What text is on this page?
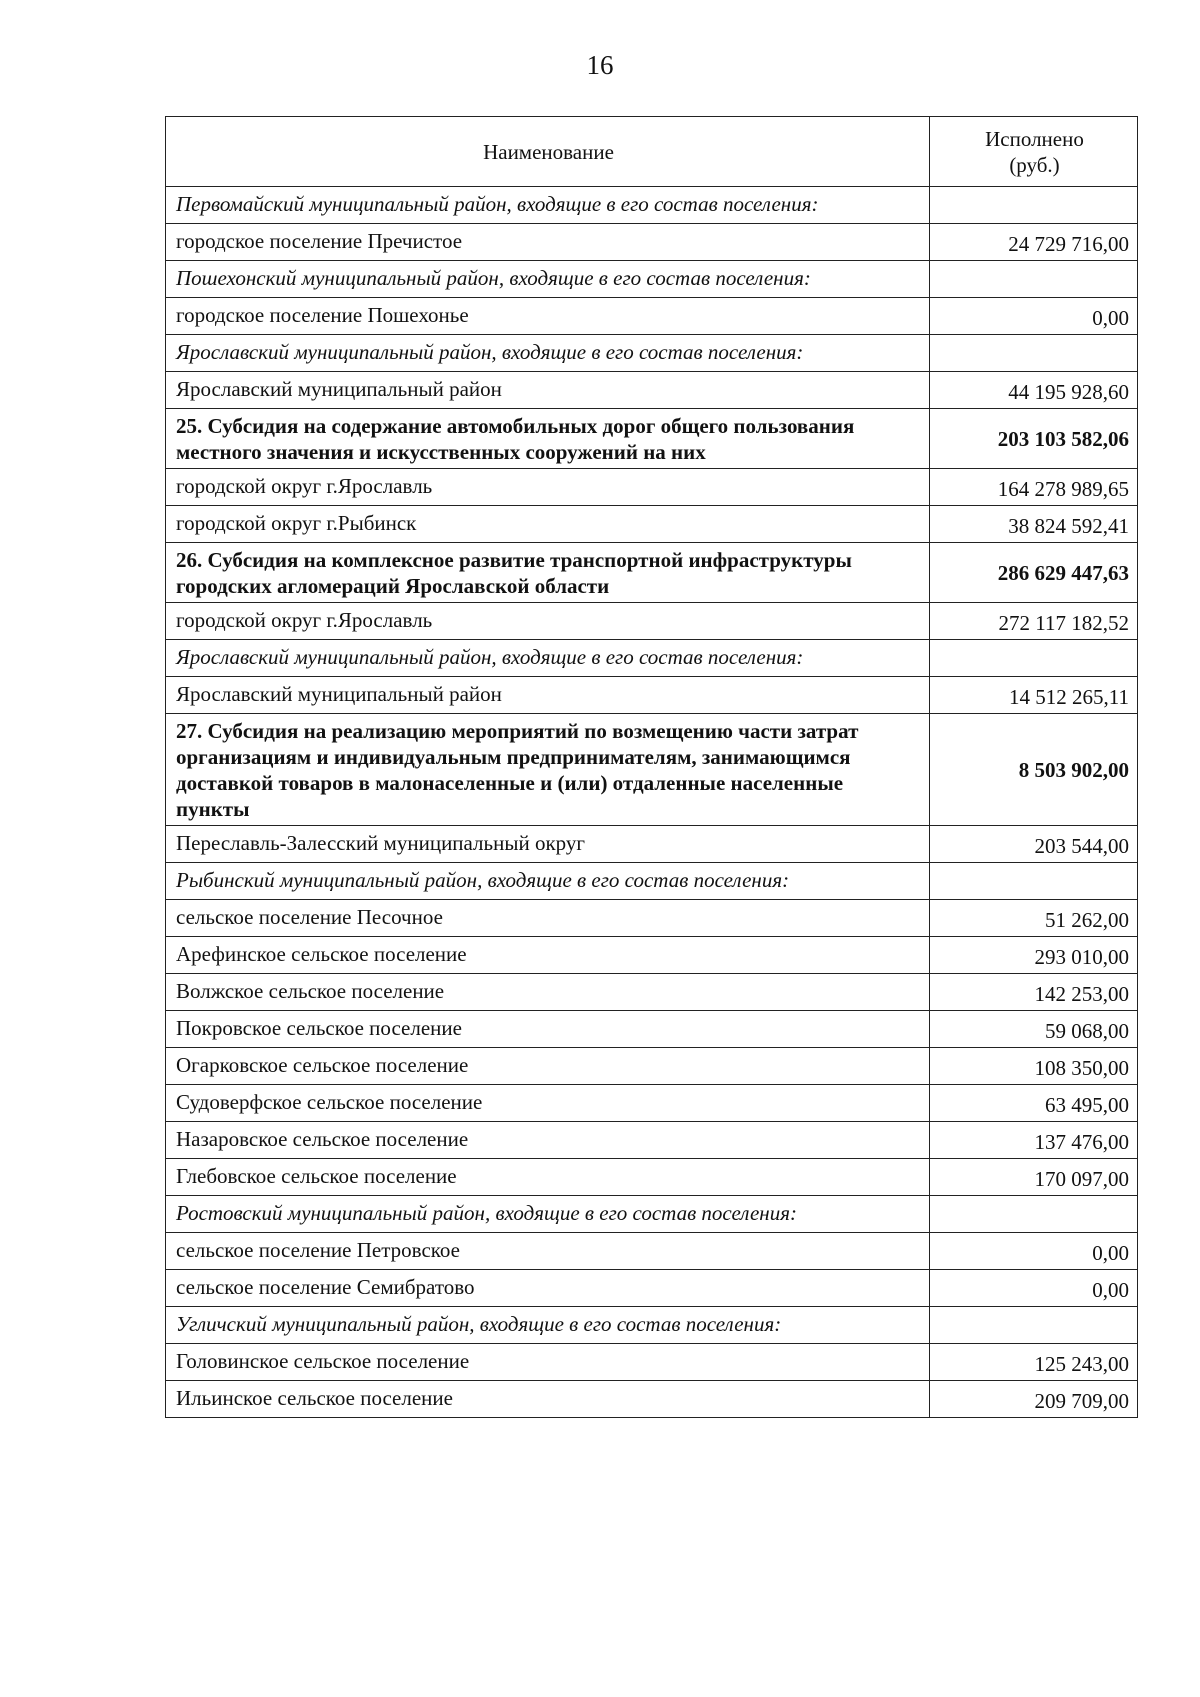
16
Наименование	Исполнено
(руб.)
Первомайский муниципальный район, входящие в его состав поселения:	
городское поселение Пречистое	24 729 716,00
Пошехонский муниципальный район, входящие в его состав поселения:	
городское поселение Пошехонье	0,00
Ярославский муниципальный район, входящие в его состав поселения:	
Ярославский муниципальный район	44 195 928,60
25. Субсидия на содержание автомобильных дорог общего пользования местного значения и искусственных сооружений на них	203 103 582,06
городской округ г.Ярославль	164 278 989,65
городской округ г.Рыбинск	38 824 592,41
26. Субсидия на комплексное развитие транспортной инфраструктуры городских агломераций Ярославской области	286 629 447,63
городской округ г.Ярославль	272 117 182,52
Ярославский муниципальный район, входящие в его состав поселения:	
Ярославский муниципальный район	14 512 265,11
27. Субсидия на реализацию мероприятий по возмещению части затрат организациям и индивидуальным предпринимателям, занимающимся доставкой товаров в малонаселенные и (или) отдаленные населенные пункты	8 503 902,00
Переславль-Залесский муниципальный округ	203 544,00
Рыбинский муниципальный район, входящие в его состав поселения:	
сельское поселение Песочное	51 262,00
Арефинское сельское поселение	293 010,00
Волжское сельское поселение	142 253,00
Покровское сельское поселение	59 068,00
Огарковское сельское поселение	108 350,00
Судоверфское сельское поселение	63 495,00
Назаровское сельское поселение	137 476,00
Глебовское сельское поселение	170 097,00
Ростовский муниципальный район, входящие в его состав поселения:	
сельское поселение Петровское	0,00
сельское поселение Семибратово	0,00
Угличский муниципальный район, входящие в его состав поселения:	
Головинское сельское поселение	125 243,00
Ильинское сельское поселение	209 709,00
